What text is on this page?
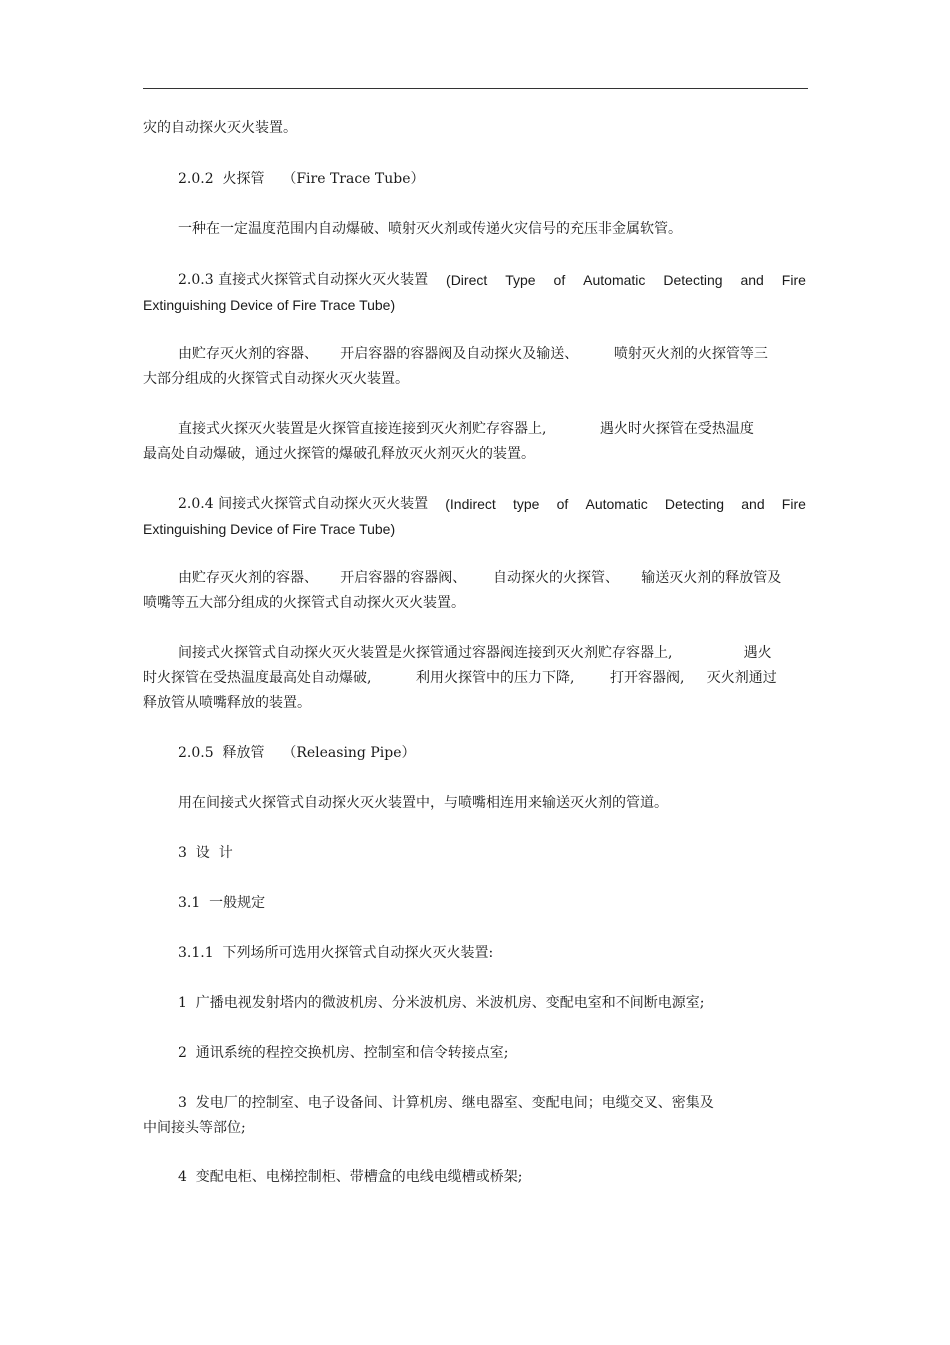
灾的自动探火灭火装置。
2.0.2  火探管    （Fire Trace Tube）
一种在一定温度范围内自动爆破、喷射灭火剂或传递火灾信号的充压非金属软管。
2.0.3 直接式火探管式自动探火灭火装置 (Direct Type of Automatic Detecting and Fire
Extinguishing Device of Fire Trace Tube)
由贮存灭火剂的容器、     开启容器的容器阀及自动探火及输送、        喷射灭火剂的火探管等三
大部分组成的火探管式自动探火灭火装置。
直接式火探灭火装置是火探管直接连接到灭火剂贮存容器上,            遇火时火探管在受热温度
最高处自动爆破，通过火探管的爆破孔释放灭火剂灭火的装置。
2.0.4 间接式火探管式自动探火灭火装置 (Indirect type of Automatic Detecting and Fire
Extinguishing Device of Fire Trace Tube)
由贮存灭火剂的容器、     开启容器的容器阀、      自动探火的火探管、     输送灭火剂的释放管及
喷嘴等五大部分组成的火探管式自动探火灭火装置。
间接式火探管式自动探火灭火装置是火探管通过容器阀连接到灭火剂贮存容器上,                遇火
时火探管在受热温度最高处自动爆破,          利用火探管中的压力下降,        打开容器阀,     灭火剂通过
释放管从喷嘴释放的装置。
2.0.5  释放管    （Releasing Pipe）
用在间接式火探管式自动探火灭火装置中，与喷嘴相连用来输送灭火剂的管道。
3  设  计
3.1  一般规定
3.1.1  下列场所可选用火探管式自动探火灭火装置:
1  广播电视发射塔内的微波机房、分米波机房、米波机房、变配电室和不间断电源室;
2  通讯系统的程控交换机房、控制室和信令转接点室;
3  发电厂的控制室、电子设备间、计算机房、继电器室、变配电间；电缆交叉、密集及
中间接头等部位;
4  变配电柜、电梯控制柜、带槽盒的电线电缆槽或桥架;
